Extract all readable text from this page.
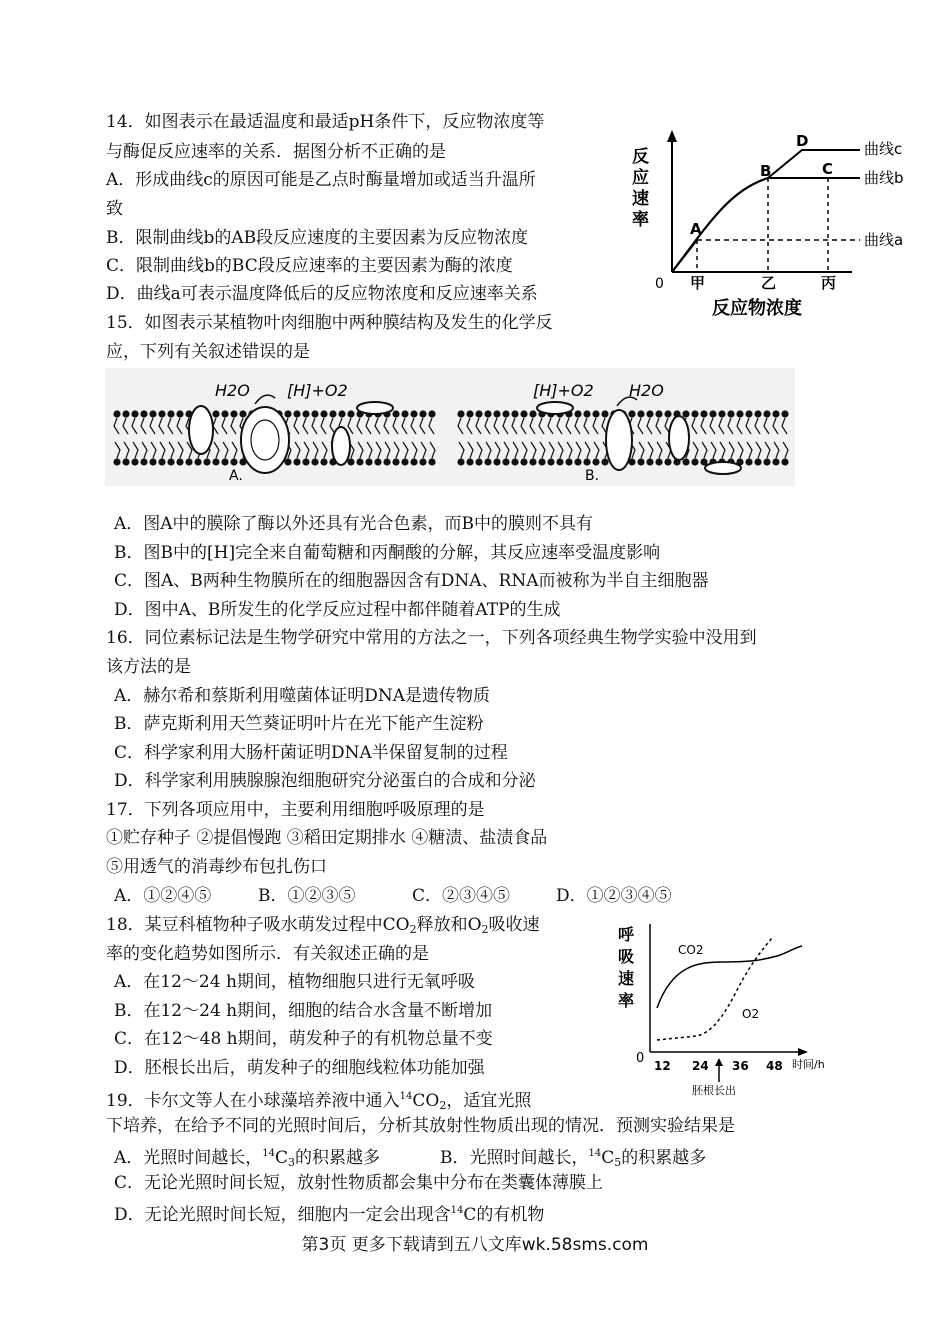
14．如图表示在最适温度和最适pH条件下，反应物浓度等
与酶促反应速率的关系．据图分析不正确的是
A．形成曲线c的原因可能是乙点时酶量增加或适当升温所
致
B．限制曲线b的AB段反应速度的主要因素为反应物浓度
C．限制曲线b的BC段反应速率的主要因素为酶的浓度
D．曲线a可表示温度降低后的反应物浓度和反应速率关系
反
应
速
率
0 甲	乙	丙
反应物浓度
A
B	C
D	曲线c
曲线b
曲线a
15．如图表示某植物叶肉细胞中两种膜结构及发生的化学反
应，下列有关叙述错误的是
H2O [H]+O2
A.
[H]+O2 H2O
B.
A．图A中的膜除了酶以外还具有光合色素，而B中的膜则不具有
B．图B中的[H]完全来自葡萄糖和丙酮酸的分解，其反应速率受温度影响
C．图A、B两种生物膜所在的细胞器因含有DNA、RNA而被称为半自主细胞器
D．图中A、B所发生的化学反应过程中都伴随着ATP的生成
16．同位素标记法是生物学研究中常用的方法之一，下列各项经典生物学实验中没用到
该方法的是
A．赫尔希和蔡斯利用噬菌体证明DNA是遗传物质
B．萨克斯利用天竺葵证明叶片在光下能产生淀粉
C．科学家利用大肠杆菌证明DNA半保留复制的过程
D．科学家利用胰腺腺泡细胞研究分泌蛋白的合成和分泌
17．下列各项应用中，主要利用细胞呼吸原理的是
①贮存种子 ②提倡慢跑 ③稻田定期排水 ④糖渍、盐渍食品
⑤用透气的消毒纱布包扎伤口
A．①②④⑤	B．①②③⑤	C．②③④⑤	D．①②③④⑤
18．某豆科植物种子吸水萌发过程中$CO_2$释放和$O_2$吸收速
率的变化趋势如图所示．有关叙述正确的是
A．在12～24 h期间，植物细胞只进行无氧呼吸
B．在12～24 h期间，细胞的结合水含量不断增加
C．在12～48 h期间，萌发种子的有机物总量不变
D．胚根长出后，萌发种子的细胞线粒体功能加强
呼
吸
速
率
0 12 24 36 48 时间/h
胚根长出
CO2
O2
19．卡尔文等人在小球藻培养液中通入$^{14}CO_2$，适宜光照
下培养，在给予不同的光照时间后，分析其放射性物质出现的情况．预测实验结果是
A．光照时间越长，$^{14}C_3$的积累越多	B．光照时间越长，$^{14}C_5$的积累越多
C．无论光照时间长短，放射性物质都会集中分布在类囊体薄膜上
D．无论光照时间长短，细胞内一定会出现含$^{14}$C的有机物
第3页 更多下载请到五八文库wk.58sms.com
